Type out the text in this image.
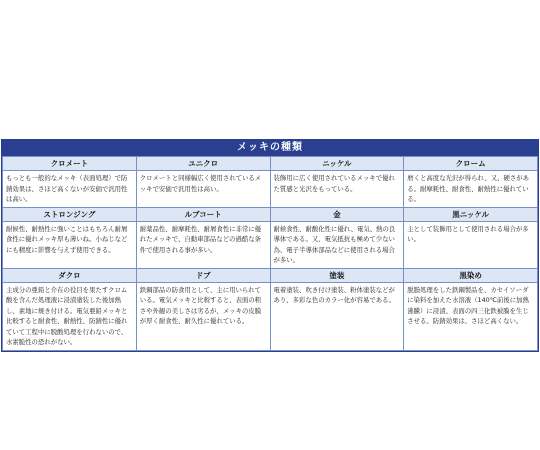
メッキの種類
クロメート	ユニクロ	ニッケル	クローム
もっとも一般的なメッキ（表面処理）で防錆効果は、さほど高くないが安価で汎用性は高い。	クロメートと同様幅広く使用されているメッキで安価で汎用性は高い。	装飾用に広く使用されているメッキで優れた質感と光沢をもっている。	磨くと高度な光沢が得られ、又、硬さがある。耐摩耗性、耐食性、耐熱性に優れている。
ストロンジング	ルブコート	金	黒ニッケル
耐候性、耐熱性に強いことはもちろん耐屑食性に優れメッキ厚も薄いね。小ねじなどにも精度に影響を与えず使用できる。	耐薬品性、耐摩耗性、耐屑食性に非常に優れたメッキで、自動車部品などの過酷な条件で使用される事が多い。	耐候食性、耐酸化性に優れ、電気、熱の良導体である。又、電気抵抗も極めて少ない為、電子半導体部品などに使用される場合が多い。	主として装飾用として使用される場合が多い。
ダクロ	ドブ	塗装	黒染め
主成分の亜鉛と介在の役目を果たすクロム酸を含んだ処理液に浸漬塗装した後加熱し、素地に焼き付ける。電気亜鉛メッキと比較すると耐食性、耐熱性、防錆性に優れていて工程中に脱酸処理を行わないので、水素脆性の恐れがない。	鉄鋼部品の防食用として、主に用いられている。電気メッキと比較すると、表面の粗さや外観の美しさは劣るが、メッキの皮膜が厚く耐食性、耐久性に優れている。	電着塗装、吹き付け塗装、粉体塗装などがあり、多彩な色のカラー化が容易である。	脱脂処理をした鉄鋼製品を、カセイソーダに染料を加えた水溶液（140℃前後に加熱沸騰）に浸漬、表面の四三化鉄被膜を生じさせる。防錆効果は、さほど高くない。
